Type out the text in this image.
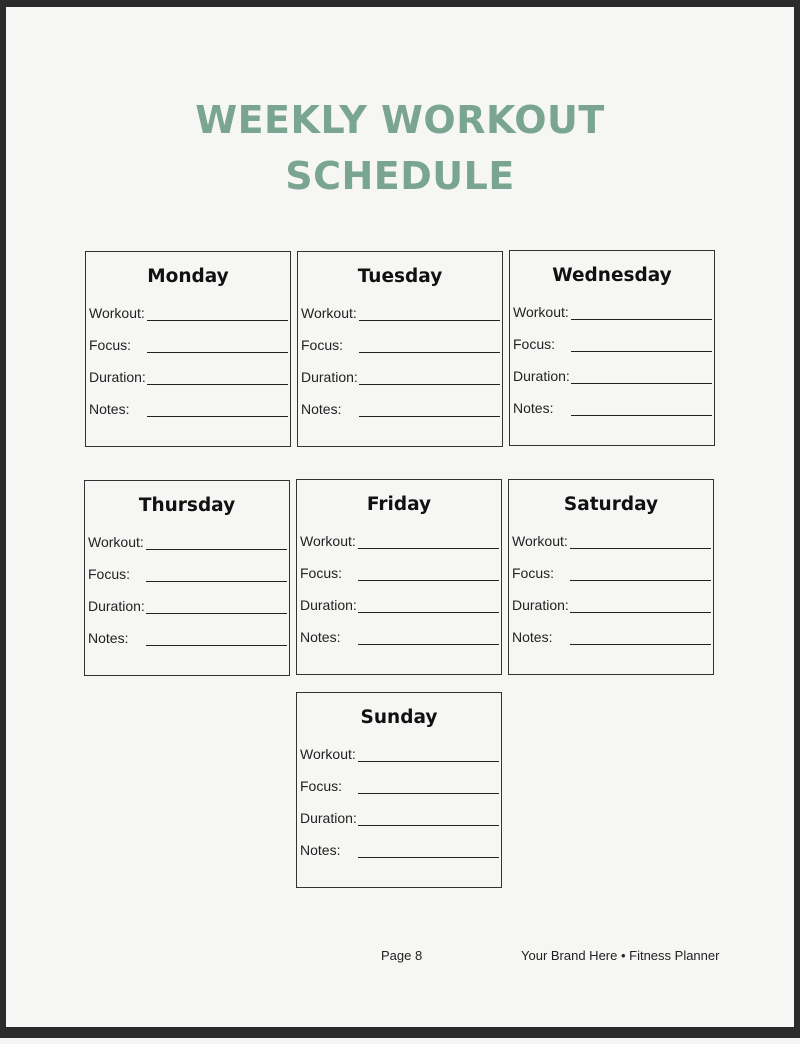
WEEKLY WORKOUT
SCHEDULE
Monday
Workout:
Focus:
Duration:
Notes:
Tuesday
Workout:
Focus:
Duration:
Notes:
Wednesday
Workout:
Focus:
Duration:
Notes:
Thursday
Workout:
Focus:
Duration:
Notes:
Friday
Workout:
Focus:
Duration:
Notes:
Saturday
Workout:
Focus:
Duration:
Notes:
Sunday
Workout:
Focus:
Duration:
Notes:
Page 8	Your Brand Here • Fitness Planner
